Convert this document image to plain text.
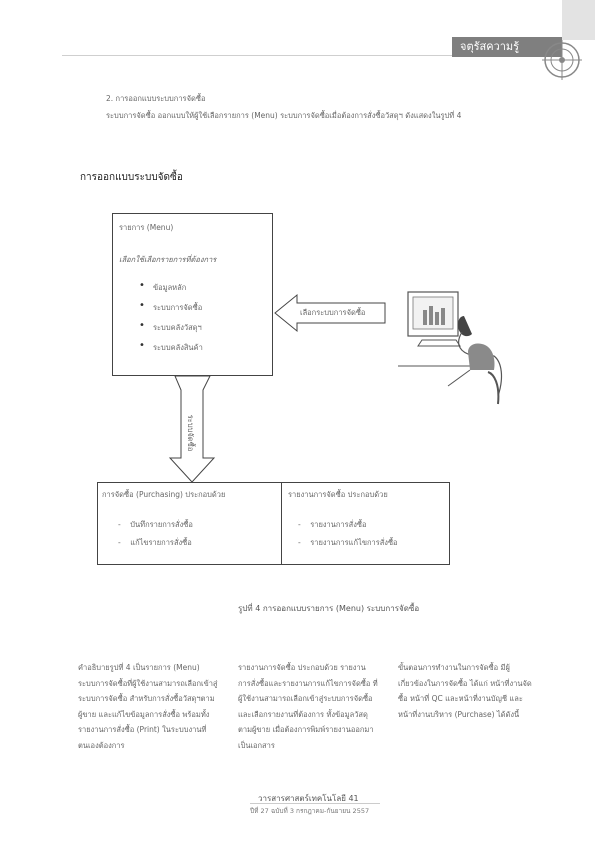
จตุรัสความรู้
2. การออกแบบระบบการจัดซื้อ
ระบบการจัดซื้อ ออกแบบให้ผู้ใช้เลือกรายการ (Menu) ระบบการจัดซื้อเมื่อต้องการสั่งซื้อวัสดุฯ ดังแสดงในรูปที่ 4
การออกแบบระบบจัดซื้อ
รายการ (Menu)
เลือกใช้เลือกรายการที่ต้องการ
• ข้อมูลหลัก
• ระบบการจัดซื้อ
• ระบบคลังวัสดุฯ
• ระบบคลังสินค้า
เลือกระบบการจัดซื้อ
ระบบจัดซื้อ
การจัดซื้อ (Purchasing) ประกอบด้วย
-    บันทึกรายการสั่งซื้อ
-    แก้ไขรายการสั่งซื้อ
รายงานการจัดซื้อ ประกอบด้วย
-    รายงานการสั่งซื้อ
-    รายงานการแก้ไขการสั่งซื้อ
รูปที่ 4 การออกแบบรายการ (Menu) ระบบการจัดซื้อ
คำอธิบายรูปที่ 4 เป็นรายการ (Menu) ระบบการจัดซื้อที่ผู้ใช้งานสามารถเลือกเข้าสู่ระบบการจัดซื้อ สำหรับการสั่งซื้อวัสดุฯตามผู้ขาย และแก้ไขข้อมูลการสั่งซื้อ พร้อมทั้งรายงานการสั่งซื้อ (Print) ในระบบงานที่ตนเองต้องการ
รายงานการจัดซื้อ ประกอบด้วย รายงานการสั่งซื้อและรายงานการแก้ไขการจัดซื้อ ที่ผู้ใช้งานสามารถเลือกเข้าสู่ระบบการจัดซื้อและเลือกรายงานที่ต้องการ ทั้งข้อมูลวัสดุตามผู้ขาย เมื่อต้องการพิมพ์รายงานออกมาเป็นเอกสาร
ขั้นตอนการทำงานในการจัดซื้อ มีผู้เกี่ยวข้องในการจัดซื้อ ได้แก่ หน้าที่งานจัดซื้อ หน้าที่ QC และหน้าที่งานบัญชี และหน้าที่งานบริหาร (Purchase) ได้ดังนี้
วารสารศาสตร์เทคโนโลยี 41
ปีที่ 27 ฉบับที่ 3 กรกฎาคม-กันยายน 2557
